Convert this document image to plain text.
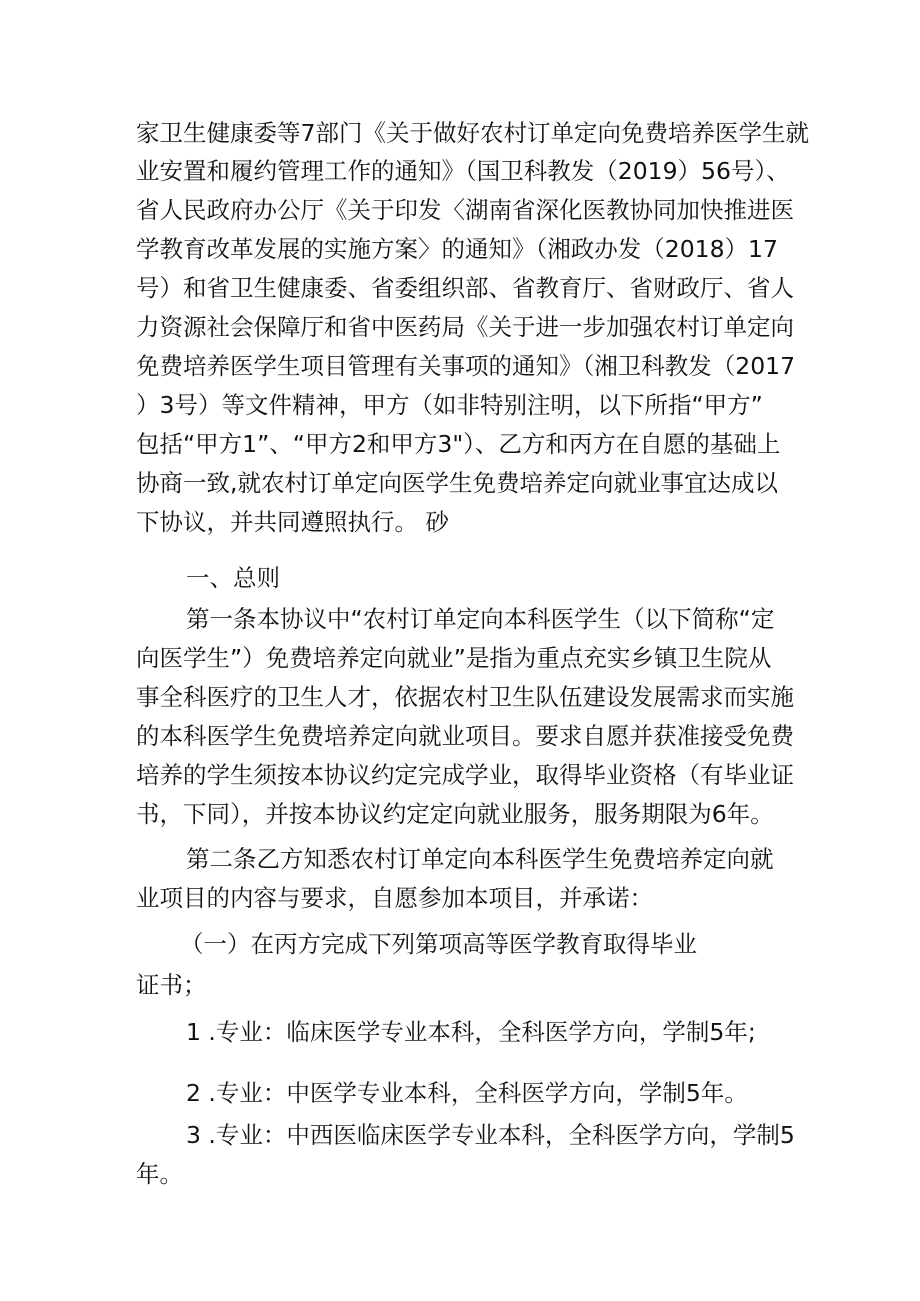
家卫生健康委等7部门《关于做好农村订单定向免费培养医学生就
业安置和履约管理工作的通知》（国卫科教发（2019）56号）、
省人民政府办公厅《关于印发〈湖南省深化医教协同加快推进医
学教育改革发展的实施方案〉的通知》（湘政办发（2018）17
号）和省卫生健康委、省委组织部、省教育厅、省财政厅、省人
力资源社会保障厅和省中医药局《关于进一步加强农村订单定向
免费培养医学生项目管理有关事项的通知》（湘卫科教发（2017
）3号）等文件精神，甲方（如非特别注明，以下所指“甲方”
包括“甲方1”、“甲方2和甲方3"）、乙方和丙方在自愿的基础上
协商一致,就农村订单定向医学生免费培养定向就业事宜达成以
下协议，并共同遵照执行。 砂
一、总则
第一条本协议中“农村订单定向本科医学生（以下简称“定
向医学生”）免费培养定向就业”是指为重点充实乡镇卫生院从
事全科医疗的卫生人才，依据农村卫生队伍建设发展需求而实施
的本科医学生免费培养定向就业项目。要求自愿并获准接受免费
培养的学生须按本协议约定完成学业，取得毕业资格（有毕业证
书，下同），并按本协议约定定向就业服务，服务期限为6年。
第二条乙方知悉农村订单定向本科医学生免费培养定向就
业项目的内容与要求，自愿参加本项目，并承诺：
（一）在丙方完成下列第项高等医学教育取得毕业
证书；
1 .专业：临床医学专业本科，全科医学方向，学制5年;
2 .专业：中医学专业本科，全科医学方向，学制5年。
3 .专业：中西医临床医学专业本科，全科医学方向，学制5
年。
